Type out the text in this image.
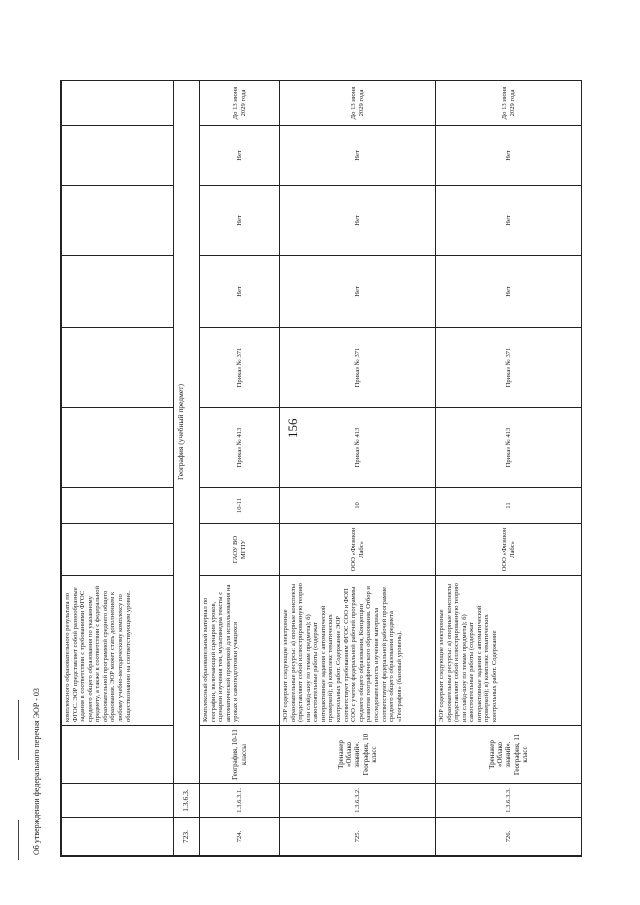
156
			комплексного образовательного результата по ФГОС. ЭОР представляет собой разнообразные задания в соответствии с требованиями ФГОС среднего общего образования по указанному предмету, а также в соответствии с федеральной образовательной программой среднего общего образования. ЭОР может стать дополнением к любому учебно-методическому комплексу по обществознанию на соответствующем уровне.								
723.	1.3.6.3.	География (учебный предмет)									
724.	1.3.6.3.1.	География, 10-11 классы	Комплексный образовательный материал по географии, включающий сценарии уроков, сценарии изучения тем, мультимедиа тексты с автоматической проверкой для использования на уроках и самоподготовки учащихся	ГАОУ ВО МГПУ	10-11	Приказ № 413	Приказ № 371	Нет	Нет	Нет	До 13 июня 2029 года
725.	1.3.6.3.2.	Тренажер «Облако знаний». География, 10 класс	ЭОР содержит следующие электронные образовательные ресурсы: а) опорные конспекты (представляют собой иллюстрированную теорию или слайд-шоу по темам предмета); б) самостоятельные работы (содержат интерактивные задания с автоматической проверкой); в) комплекс тематических контрольных работ. Содержание ЭОР соответствует требованиям ФГОС СОО и ФОП СОО с учетом федеральной рабочей программы среднего общего образования, Концепции развития географического образования. Отбор и последовательность изучения материала соответствуют федеральной рабочей программе среднего общего образования предмета «География» (базовый уровень).	ООО «Физикон Лабс»	10	Приказ № 413	Приказ № 371	Нет	Нет	Нет	До 13 июня 2029 года
726.	1.3.6.3.3.	Тренажер «Облако знаний». География, 11 класс	ЭОР содержит следующие электронные образовательные ресурсы: а) опорные конспекты (представляют собой иллюстрированную теорию или слайд-шоу по темам предмета); б) самостоятельные работы (содержат интерактивные задания с автоматической проверкой); в) комплекс тематических контрольных работ. Содержание	ООО «Физикон Лабс»	11	Приказ № 413	Приказ № 371	Нет	Нет	Нет	До 13 июня 2029 года
Об утверждении федерального перечня ЭОР - 03
